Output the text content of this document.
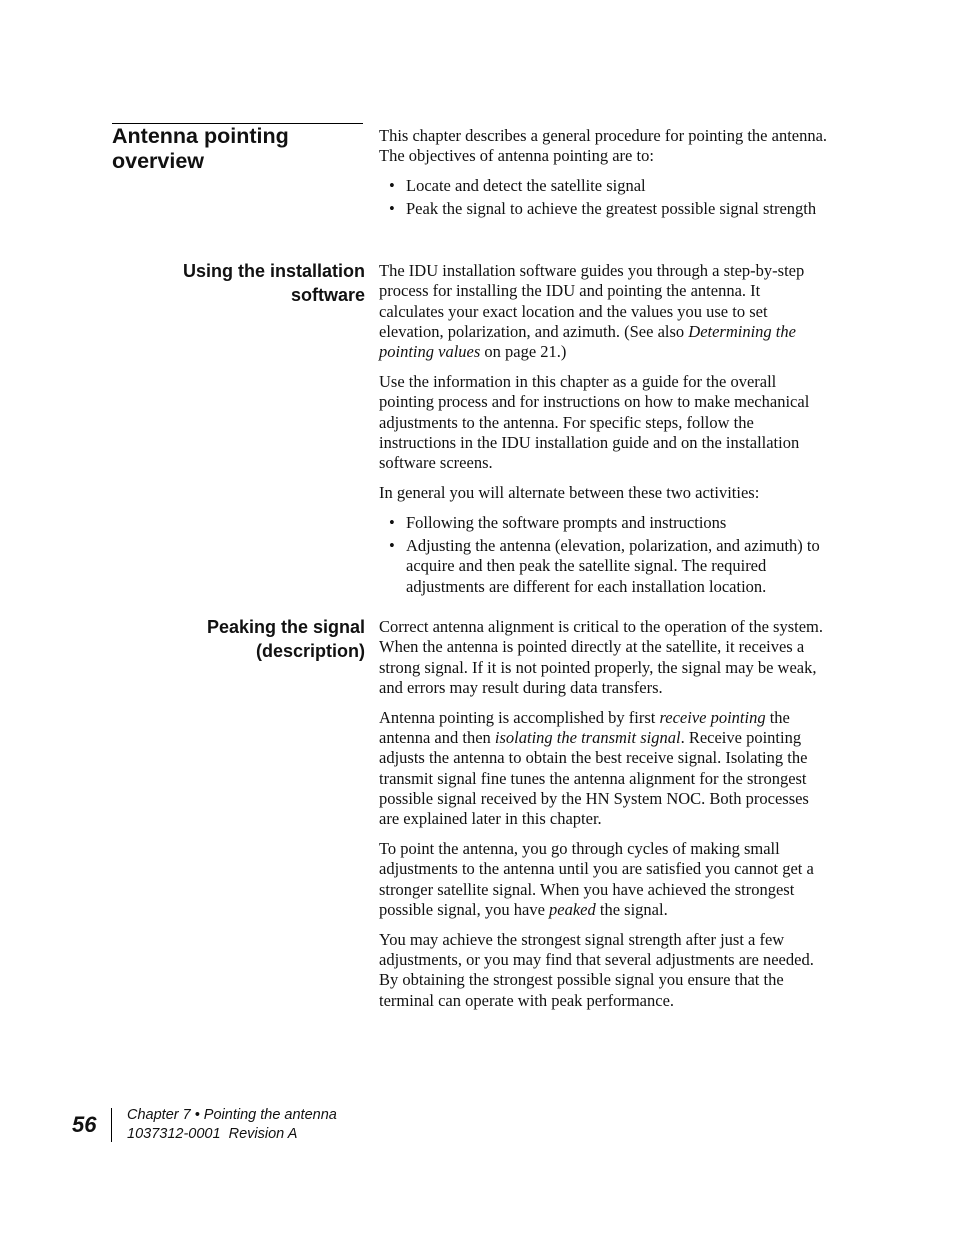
Antenna pointing overview

This chapter describes a general procedure for pointing the antenna. The objectives of antenna pointing are to:

• Locate and detect the satellite signal
• Peak the signal to achieve the greatest possible signal strength
Using the installation software

The IDU installation software guides you through a step-by-step process for installing the IDU and pointing the antenna. It calculates your exact location and the values you use to set elevation, polarization, and azimuth. (See also Determining the pointing values on page 21.)

Use the information in this chapter as a guide for the overall pointing process and for instructions on how to make mechanical adjustments to the antenna. For specific steps, follow the instructions in the IDU installation guide and on the installation software screens.

In general you will alternate between these two activities:

• Following the software prompts and instructions
• Adjusting the antenna (elevation, polarization, and azimuth) to acquire and then peak the satellite signal. The required adjustments are different for each installation location.
Peaking the signal (description)

Correct antenna alignment is critical to the operation of the system. When the antenna is pointed directly at the satellite, it receives a strong signal. If it is not pointed properly, the signal may be weak, and errors may result during data transfers.

Antenna pointing is accomplished by first receive pointing the antenna and then isolating the transmit signal. Receive pointing adjusts the antenna to obtain the best receive signal. Isolating the transmit signal fine tunes the antenna alignment for the strongest possible signal received by the HN System NOC. Both processes are explained later in this chapter.

To point the antenna, you go through cycles of making small adjustments to the antenna until you are satisfied you cannot get a stronger satellite signal. When you have achieved the strongest possible signal, you have peaked the signal.

You may achieve the strongest signal strength after just a few adjustments, or you may find that several adjustments are needed. By obtaining the strongest possible signal you ensure that the terminal can operate with peak performance.

56 Chapter 7 • Pointing the antenna
1037312-0001  Revision A
